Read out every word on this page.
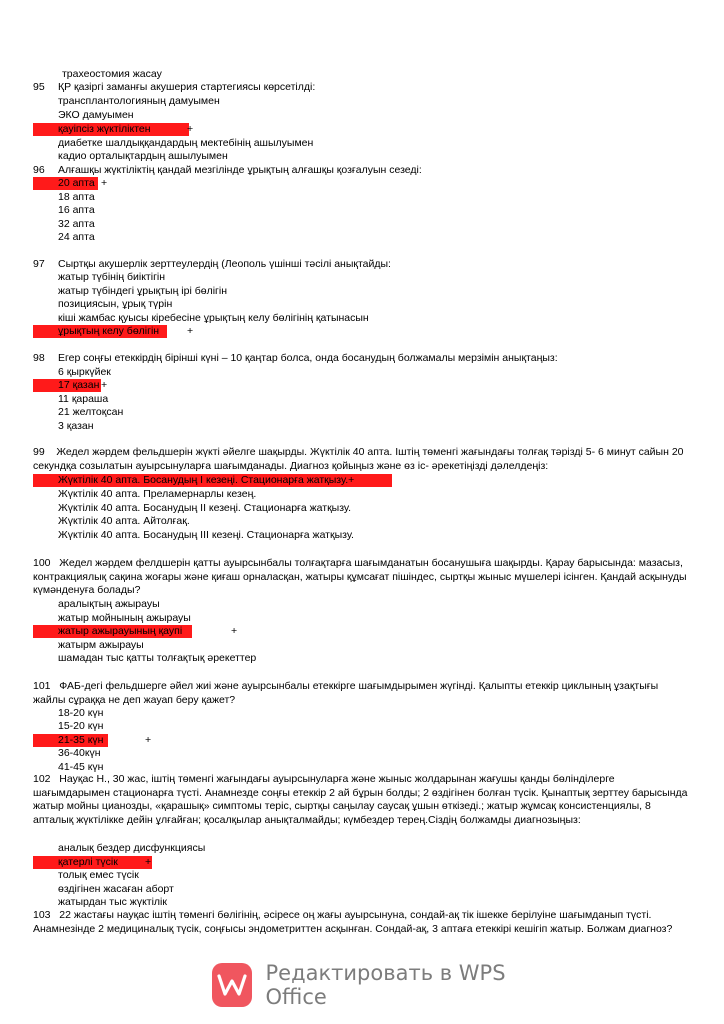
трахеостомия жасау
95 ҚР қазіргі заманғы акушерия стартегиясы көрсетілді:
трансплантологияның дамуымен
ЭКО дамуымен
қауіпсіз жүктіліктен	+
диабетке шалдыққандардың мектебінің ашылуымен
кадио орталықтардың ашылуымен
96 Алғашқы жүктіліктің қандай мезгілінде ұрықтың алғашқы қозғалуын сезеді:
20 апта +
18 апта
16 апта
32 апта
24 апта
97 Сыртқы акушерлік зерттеулердің (Леополь үшінші тәсілі анықтайды:
жатыр түбінің биіктігін
жатыр түбіндегі ұрықтың ірі бөлігін
позициясын, ұрық түрін
кіші жамбас қуысы кіребесіне ұрықтың келу бөлігінің қатынасын
ұрықтың келу бөлігін	+
98 Егер соңғы етеккірдің бірінші күні – 10 қаңтар болса, онда босанудың болжамалы мерзімін анықтаңыз:
6 қыркүйек
17 қазан +
11 қараша
21 желтоқсан
3 қазан
99 Жедел жәрдем фельдшерін жүкті әйелге шақырды. Жүктілік 40 апта. Іштің төменгі жағындағы толғақ тәрізді 5- 6 минут сайын 20 секундқа созылатын ауырсынуларға шағымданады. Диагноз қойыңыз және өз іс- әрекетіңізді дәлелдеңіз:
Жүктілік 40 апта. Босанудың І кезеңі. Стационарға жатқызу.+
Жүктілік 40 апта. Преламернарлы кезең.
Жүктілік 40 апта. Босанудың ІІ кезеңі. Стационарға жатқызу.
Жүктілік 40 апта. Айтолғақ.
Жүктілік 40 апта. Босанудың ІІІ кезеңі. Стационарға жатқызу.
100 Жедел жәрдем фелдшерін қатты ауырсынбалы толғақтарға шағымданатын босанушыға шақырды. Қарау барысында: мазасыз, контракциялық сақина жоғары және қиғаш орналасқан, жатыры құмсағат пішіндес, сыртқы жыныс мүшелері ісінген. Қандай асқынуды күмәнденуға болады?
аралықтың ажырауы
жатыр мойнының ажырауы
жатыр ажырауының қаупі	+
жатырм ажырауы
шамадан тыс қатты толғақтық әрекеттер
101 ФАБ-дегі фельдшерге әйел жиі және ауырсынбалы етеккірге шағымдырымен жүгінді. Қалыпты етеккір циклының ұзақтығы жайлы сұраққа не деп жауап беру қажет?
18-20 күн
15-20 күн
21-35 күн	+
36-40күн
41-45 күн
102 Науқас Н., 30 жас, іштің төменгі жағындағы ауырсынуларға және жыныс жолдарынан жағушы қанды бөлінділерге шағымдарымен стационарға түсті. Анамнезде соңғы етеккір 2 ай бұрын болды; 2 өздігінен болған түсік. Қынаптық зерттеу барысында жатыр мойны цианозды, «қарашық» симптомы теріс, сыртқы саңылау саусақ ұшын өткізеді.; жатыр жұмсақ консистенциялы, 8 апталық жүктілікке дейін ұлғайған; қосалқылар анықталмайды; күмбездер терең.Сіздің болжамды диагнозыңыз:
аналық бездер дисфункциясы
қатерлі түсік	+
толық емес түсік
өздігінен жасаған аборт
жатырдан тыс жүктілік
103 22 жастағы науқас іштің төменгі бөлігінің, әсіресе оң жағы ауырсынуна, сондай-ақ тік ішекке берілуіне шағымданып түсті. Анамнезінде 2 медициналық түсік, соңғысы эндометриттен асқынған. Сондай-ақ, 3 аптаға етеккірі кешігіп жатыр. Болжам диагноз?
Редактировать в WPS Office
